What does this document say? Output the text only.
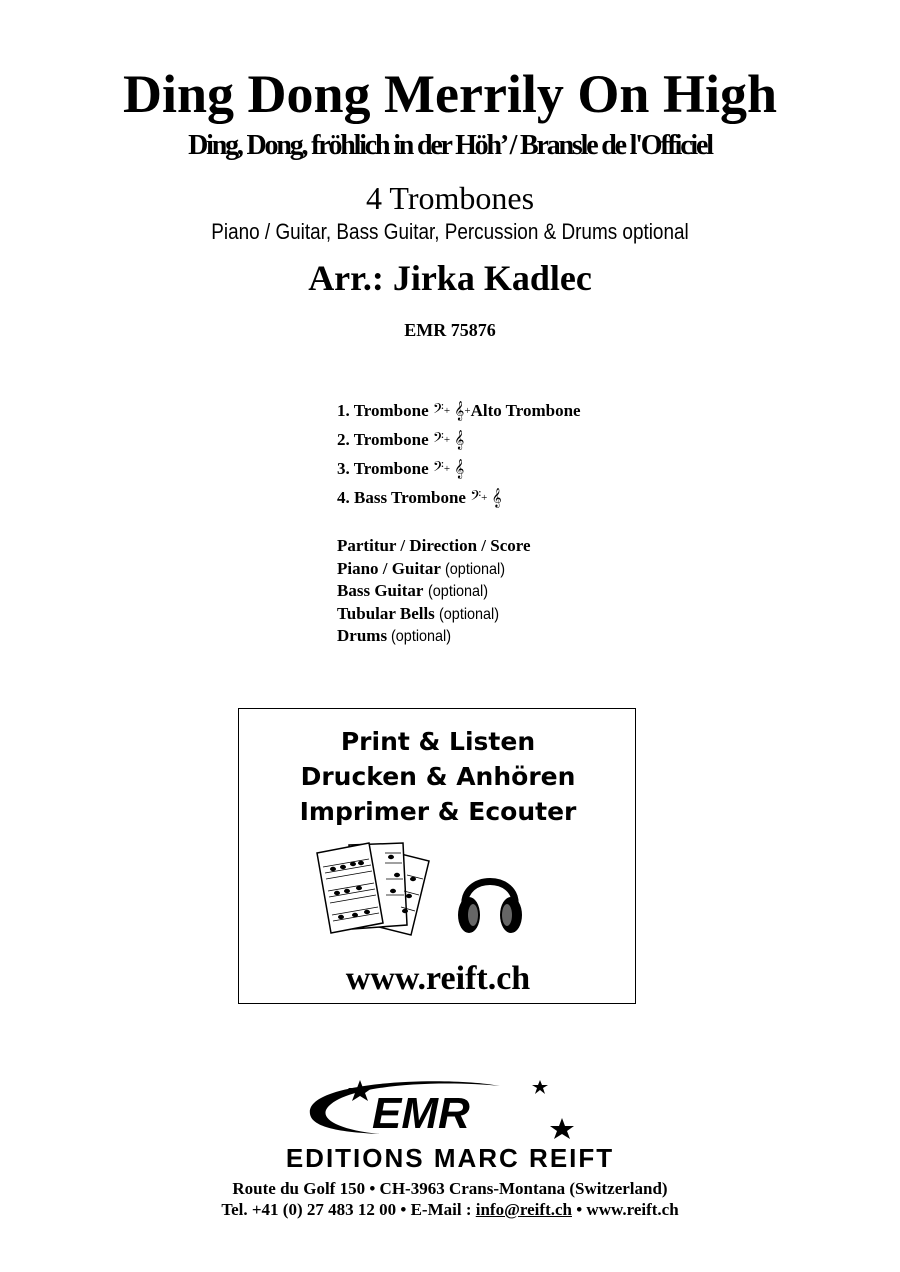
Ding Dong Merrily On High
Ding, Dong, fröhlich in der Höh’ / Bransle de l'Officiel
4 Trombones
Piano / Guitar, Bass Guitar, Percussion & Drums optional
Arr.: Jirka Kadlec
EMR 75876
1. Trombone 𝄢+ 𝄞+Alto Trombone
2. Trombone 𝄢+ 𝄞
3. Trombone 𝄢+ 𝄞
4. Bass Trombone 𝄢+ 𝄞
Partitur / Direction / Score
Piano / Guitar (optional)
Bass Guitar (optional)
Tubular Bells (optional)
Drums (optional)
Print & Listen
Drucken & Anhören
Imprimer & Ecouter
www.reift.ch
EMR
EDITIONS MARC REIFT
Route du Golf 150 • CH-3963 Crans-Montana (Switzerland)
Tel. +41 (0) 27 483 12 00 • E-Mail : info@reift.ch • www.reift.ch
